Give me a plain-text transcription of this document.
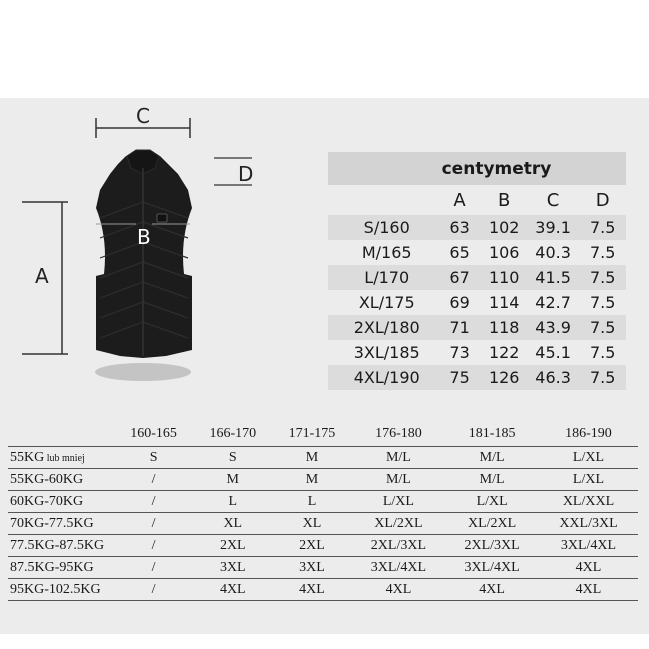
C
D
B
A
centymetry				
	A	B	C	D
S/160	63	102	39.1	7.5
M/165	65	106	40.3	7.5
L/170	67	110	41.5	7.5
XL/175	69	114	42.7	7.5
2XL/180	71	118	43.9	7.5
3XL/185	73	122	45.1	7.5
4XL/190	75	126	46.3	7.5
	160-165	166-170	171-175	176-180	181-185	186-190
55KG lub mniej	S	S	M	M/L	M/L	L/XL
55KG-60KG	/	M	M	M/L	M/L	L/XL
60KG-70KG	/	L	L	L/XL	L/XL	XL/XXL
70KG-77.5KG	/	XL	XL	XL/2XL	XL/2XL	XXL/3XL
77.5KG-87.5KG	/	2XL	2XL	2XL/3XL	2XL/3XL	3XL/4XL
87.5KG-95KG	/	3XL	3XL	3XL/4XL	3XL/4XL	4XL
95KG-102.5KG	/	4XL	4XL	4XL	4XL	4XL
